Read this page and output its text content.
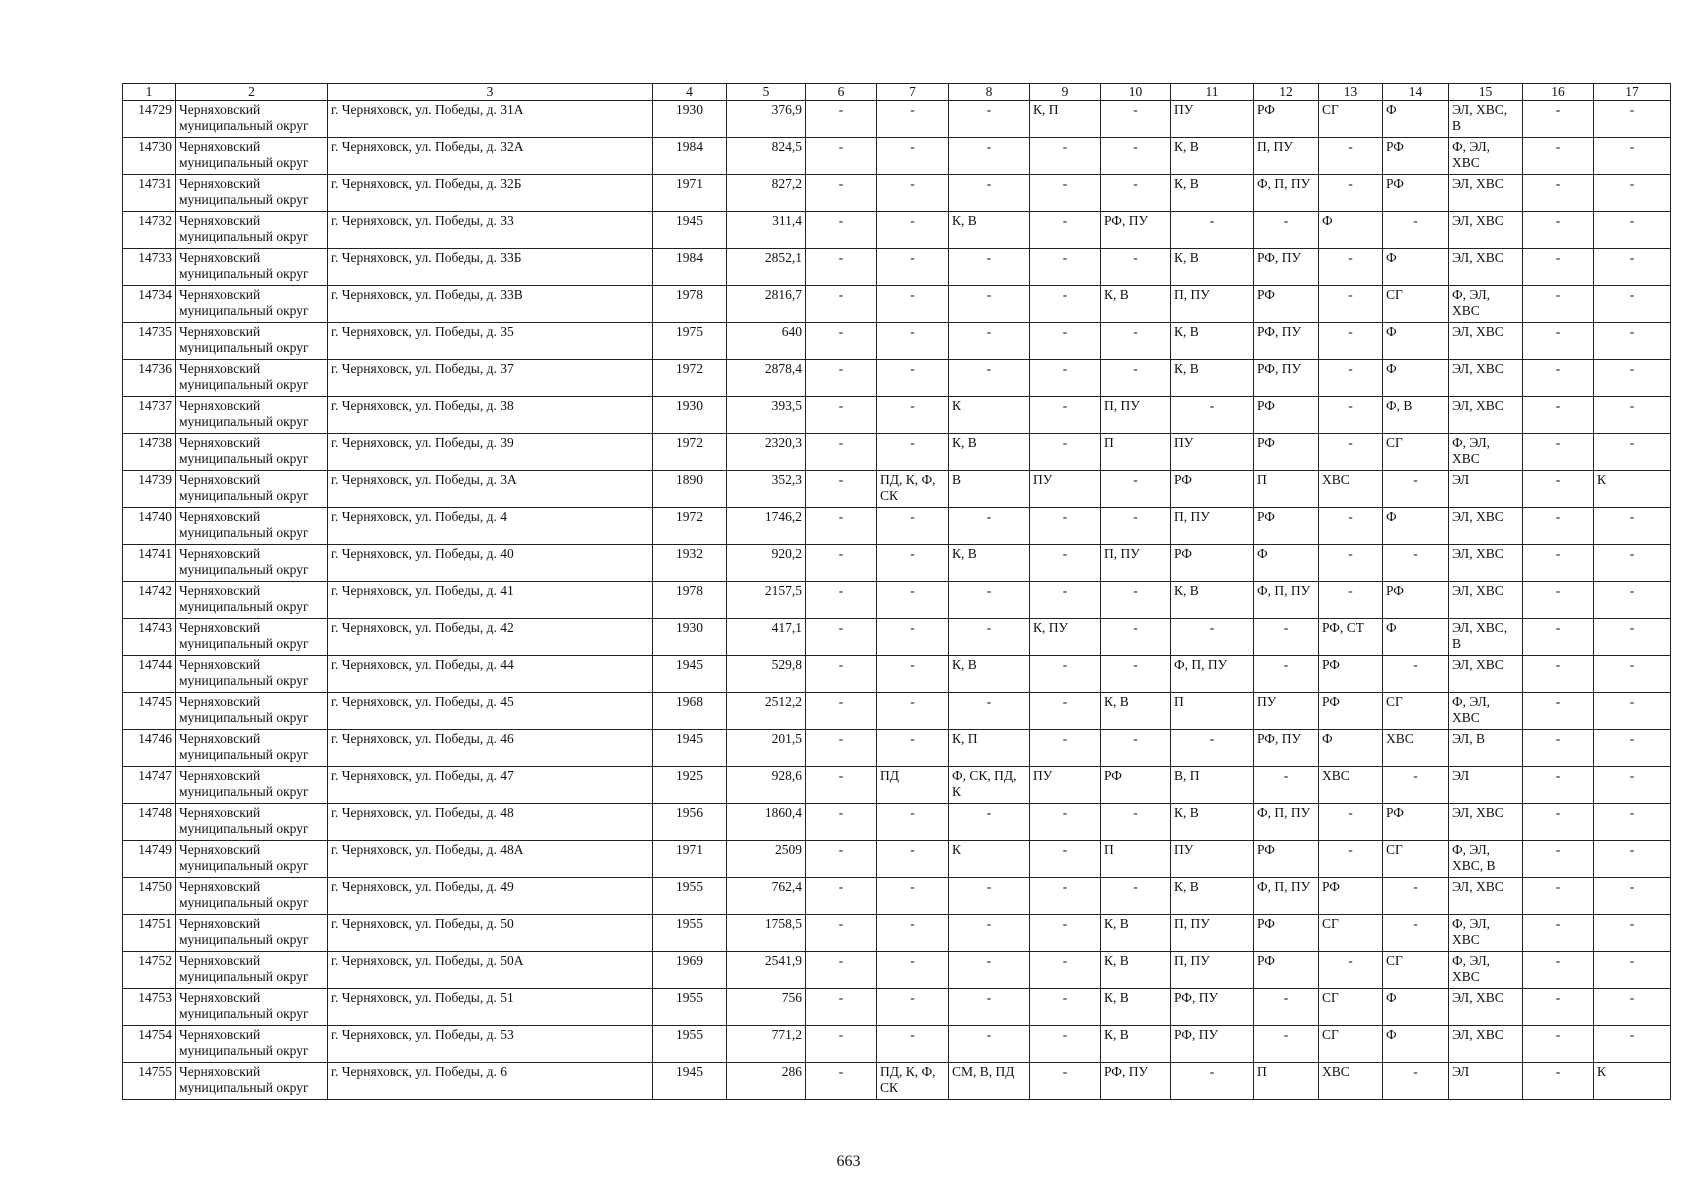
1	2	3	4	5	6	7	8	9	10	11	12	13	14	15	16	17
14729	Черняховский муниципальный округ	г. Черняховск, ул. Победы, д. 31А	1930	376,9	-	-	-	К, П	-	ПУ	РФ	СГ	Ф	ЭЛ, ХВС, В	-	-
14730	Черняховский муниципальный округ	г. Черняховск, ул. Победы, д. 32А	1984	824,5	-	-	-	-	-	К, В	П, ПУ	-	РФ	Ф, ЭЛ, ХВС	-	-
14731	Черняховский муниципальный округ	г. Черняховск, ул. Победы, д. 32Б	1971	827,2	-	-	-	-	-	К, В	Ф, П, ПУ	-	РФ	ЭЛ, ХВС	-	-
14732	Черняховский муниципальный округ	г. Черняховск, ул. Победы, д. 33	1945	311,4	-	-	К, В	-	РФ, ПУ	-	-	Ф	-	ЭЛ, ХВС	-	-
14733	Черняховский муниципальный округ	г. Черняховск, ул. Победы, д. 33Б	1984	2852,1	-	-	-	-	-	К, В	РФ, ПУ	-	Ф	ЭЛ, ХВС	-	-
14734	Черняховский муниципальный округ	г. Черняховск, ул. Победы, д. 33В	1978	2816,7	-	-	-	-	К, В	П, ПУ	РФ	-	СГ	Ф, ЭЛ, ХВС	-	-
14735	Черняховский муниципальный округ	г. Черняховск, ул. Победы, д. 35	1975	640	-	-	-	-	-	К, В	РФ, ПУ	-	Ф	ЭЛ, ХВС	-	-
14736	Черняховский муниципальный округ	г. Черняховск, ул. Победы, д. 37	1972	2878,4	-	-	-	-	-	К, В	РФ, ПУ	-	Ф	ЭЛ, ХВС	-	-
14737	Черняховский муниципальный округ	г. Черняховск, ул. Победы, д. 38	1930	393,5	-	-	К	-	П, ПУ	-	РФ	-	Ф, В	ЭЛ, ХВС	-	-
14738	Черняховский муниципальный округ	г. Черняховск, ул. Победы, д. 39	1972	2320,3	-	-	К, В	-	П	ПУ	РФ	-	СГ	Ф, ЭЛ, ХВС	-	-
14739	Черняховский муниципальный округ	г. Черняховск, ул. Победы, д. 3А	1890	352,3	-	ПД, К, Ф, СК	В	ПУ	-	РФ	П	ХВС	-	ЭЛ	-	К
14740	Черняховский муниципальный округ	г. Черняховск, ул. Победы, д. 4	1972	1746,2	-	-	-	-	-	П, ПУ	РФ	-	Ф	ЭЛ, ХВС	-	-
14741	Черняховский муниципальный округ	г. Черняховск, ул. Победы, д. 40	1932	920,2	-	-	К, В	-	П, ПУ	РФ	Ф	-	-	ЭЛ, ХВС	-	-
14742	Черняховский муниципальный округ	г. Черняховск, ул. Победы, д. 41	1978	2157,5	-	-	-	-	-	К, В	Ф, П, ПУ	-	РФ	ЭЛ, ХВС	-	-
14743	Черняховский муниципальный округ	г. Черняховск, ул. Победы, д. 42	1930	417,1	-	-	-	К, ПУ	-	-	-	РФ, СТ	Ф	ЭЛ, ХВС, В	-	-
14744	Черняховский муниципальный округ	г. Черняховск, ул. Победы, д. 44	1945	529,8	-	-	К, В	-	-	Ф, П, ПУ	-	РФ	-	ЭЛ, ХВС	-	-
14745	Черняховский муниципальный округ	г. Черняховск, ул. Победы, д. 45	1968	2512,2	-	-	-	-	К, В	П	ПУ	РФ	СГ	Ф, ЭЛ, ХВС	-	-
14746	Черняховский муниципальный округ	г. Черняховск, ул. Победы, д. 46	1945	201,5	-	-	К, П	-	-	-	РФ, ПУ	Ф	ХВС	ЭЛ, В	-	-
14747	Черняховский муниципальный округ	г. Черняховск, ул. Победы, д. 47	1925	928,6	-	ПД	Ф, СК, ПД, К	ПУ	РФ	В, П	-	ХВС	-	ЭЛ	-	-
14748	Черняховский муниципальный округ	г. Черняховск, ул. Победы, д. 48	1956	1860,4	-	-	-	-	-	К, В	Ф, П, ПУ	-	РФ	ЭЛ, ХВС	-	-
14749	Черняховский муниципальный округ	г. Черняховск, ул. Победы, д. 48А	1971	2509	-	-	К	-	П	ПУ	РФ	-	СГ	Ф, ЭЛ, ХВС, В	-	-
14750	Черняховский муниципальный округ	г. Черняховск, ул. Победы, д. 49	1955	762,4	-	-	-	-	-	К, В	Ф, П, ПУ	РФ	-	ЭЛ, ХВС	-	-
14751	Черняховский муниципальный округ	г. Черняховск, ул. Победы, д. 50	1955	1758,5	-	-	-	-	К, В	П, ПУ	РФ	СГ	-	Ф, ЭЛ, ХВС	-	-
14752	Черняховский муниципальный округ	г. Черняховск, ул. Победы, д. 50А	1969	2541,9	-	-	-	-	К, В	П, ПУ	РФ	-	СГ	Ф, ЭЛ, ХВС	-	-
14753	Черняховский муниципальный округ	г. Черняховск, ул. Победы, д. 51	1955	756	-	-	-	-	К, В	РФ, ПУ	-	СГ	Ф	ЭЛ, ХВС	-	-
14754	Черняховский муниципальный округ	г. Черняховск, ул. Победы, д. 53	1955	771,2	-	-	-	-	К, В	РФ, ПУ	-	СГ	Ф	ЭЛ, ХВС	-	-
14755	Черняховский муниципальный округ	г. Черняховск, ул. Победы, д. 6	1945	286	-	ПД, К, Ф, СК	СМ, В, ПД	-	РФ, ПУ	-	П	ХВС	-	ЭЛ	-	К
663
